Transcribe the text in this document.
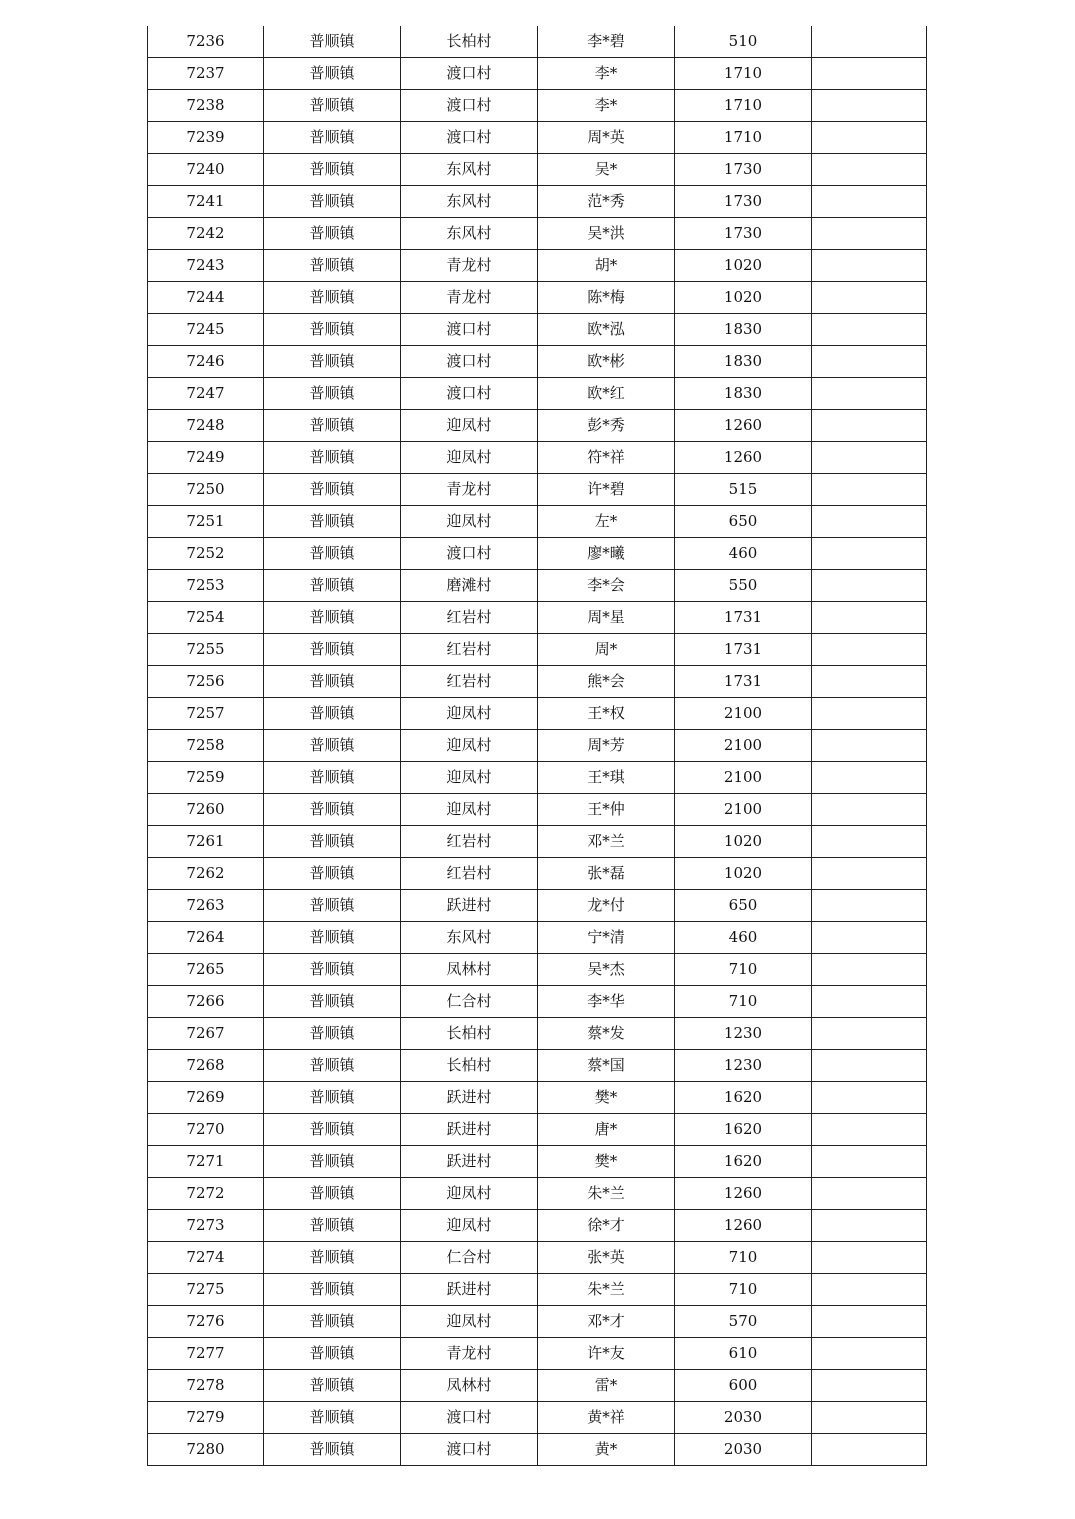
7236	普顺镇	长柏村	李*碧	510	
7237	普顺镇	渡口村	李*	1710	
7238	普顺镇	渡口村	李*	1710	
7239	普顺镇	渡口村	周*英	1710	
7240	普顺镇	东风村	吴*	1730	
7241	普顺镇	东风村	范*秀	1730	
7242	普顺镇	东风村	吴*洪	1730	
7243	普顺镇	青龙村	胡*	1020	
7244	普顺镇	青龙村	陈*梅	1020	
7245	普顺镇	渡口村	欧*泓	1830	
7246	普顺镇	渡口村	欧*彬	1830	
7247	普顺镇	渡口村	欧*红	1830	
7248	普顺镇	迎凤村	彭*秀	1260	
7249	普顺镇	迎凤村	符*祥	1260	
7250	普顺镇	青龙村	许*碧	515	
7251	普顺镇	迎凤村	左*	650	
7252	普顺镇	渡口村	廖*曦	460	
7253	普顺镇	磨滩村	李*会	550	
7254	普顺镇	红岩村	周*星	1731	
7255	普顺镇	红岩村	周*	1731	
7256	普顺镇	红岩村	熊*会	1731	
7257	普顺镇	迎凤村	王*权	2100	
7258	普顺镇	迎凤村	周*芳	2100	
7259	普顺镇	迎凤村	王*琪	2100	
7260	普顺镇	迎凤村	王*仲	2100	
7261	普顺镇	红岩村	邓*兰	1020	
7262	普顺镇	红岩村	张*磊	1020	
7263	普顺镇	跃进村	龙*付	650	
7264	普顺镇	东风村	宁*清	460	
7265	普顺镇	凤林村	吴*杰	710	
7266	普顺镇	仁合村	李*华	710	
7267	普顺镇	长柏村	蔡*发	1230	
7268	普顺镇	长柏村	蔡*国	1230	
7269	普顺镇	跃进村	樊*	1620	
7270	普顺镇	跃进村	唐*	1620	
7271	普顺镇	跃进村	樊*	1620	
7272	普顺镇	迎凤村	朱*兰	1260	
7273	普顺镇	迎凤村	徐*才	1260	
7274	普顺镇	仁合村	张*英	710	
7275	普顺镇	跃进村	朱*兰	710	
7276	普顺镇	迎凤村	邓*才	570	
7277	普顺镇	青龙村	许*友	610	
7278	普顺镇	凤林村	雷*	600	
7279	普顺镇	渡口村	黄*祥	2030	
7280	普顺镇	渡口村	黄*	2030	
